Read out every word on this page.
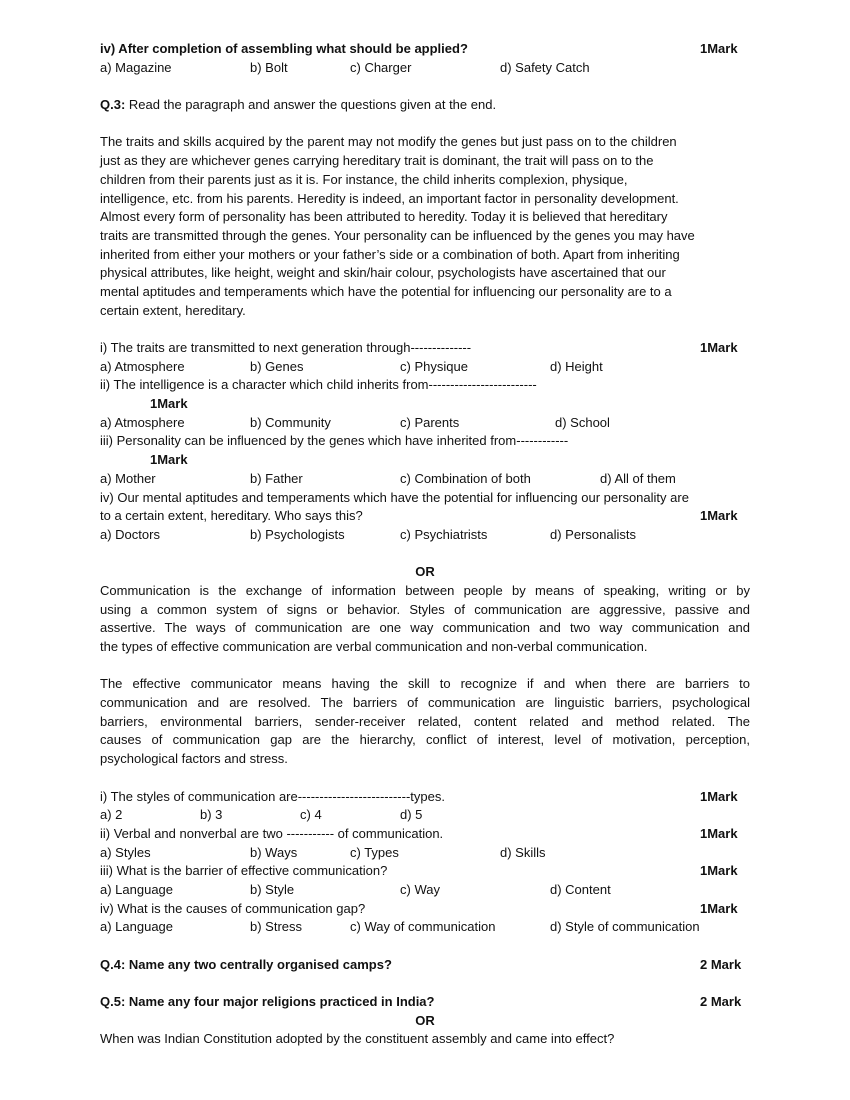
iv) After completion of assembling what should be applied?	1Mark
a) Magazine	b) Bolt	c) Charger	d) Safety Catch
Q.3: Read the paragraph and answer the questions given at the end.
The traits and skills acquired by the parent may not modify the genes but just pass on to the children
just as they are whichever genes carrying hereditary trait is dominant, the trait will pass on to the
children from their parents just as it is. For instance, the child inherits complexion, physique,
intelligence, etc. from his parents. Heredity is indeed, an important factor in personality development.
Almost every form of personality has been attributed to heredity. Today it is believed that hereditary
traits are transmitted through the genes. Your personality can be influenced by the genes you may have
inherited from either your mothers or your father’s side or a combination of both. Apart from inheriting
physical attributes, like height, weight and skin/hair colour, psychologists have ascertained that our
mental aptitudes and temperaments which have the potential for influencing our personality are to a
certain extent, hereditary.
i) The traits are transmitted to next generation through--------------	1Mark
a) Atmosphere	b) Genes	c) Physique	d) Height
ii) The intelligence is a character which child inherits from-------------------------
1Mark
a) Atmosphere	b) Community	c) Parents	d) School
iii) Personality can be influenced by the genes which have inherited from------------
1Mark
a) Mother	b) Father	c) Combination of both	d) All of them
iv) Our mental aptitudes and temperaments which have the potential for influencing our personality are
to a certain extent, hereditary. Who says this?	1Mark
a) Doctors	b) Psychologists	c) Psychiatrists	d) Personalists
OR
Communication is the exchange of information between people by means of speaking, writing or by
using a common system of signs or behavior. Styles of communication are aggressive, passive and
assertive. The ways of communication are one way communication and two way communication and
the types of effective communication are verbal communication and non-verbal communication.
The effective communicator means having the skill to recognize if and when there are barriers to
communication and are resolved. The barriers of communication are linguistic barriers, psychological
barriers, environmental barriers, sender-receiver related, content related and method related. The
causes of communication gap are the hierarchy, conflict of interest, level of motivation, perception,
psychological factors and stress.
i) The styles of communication are--------------------------types.	1Mark
a) 2	b) 3	c) 4	d) 5
ii) Verbal and nonverbal are two ----------- of communication.	1Mark
a) Styles	b) Ways	c) Types	d) Skills
iii) What is the barrier of effective communication?	1Mark
a) Language	b) Style	c) Way	d) Content
iv) What is the causes of communication gap?	1Mark
a) Language	b) Stress	c) Way of communication	d) Style of communication
Q.4: Name any two centrally organised camps?	2 Mark
Q.5: Name any four major religions practiced in India?	2 Mark
OR
When was Indian Constitution adopted by the constituent assembly and came into effect?
